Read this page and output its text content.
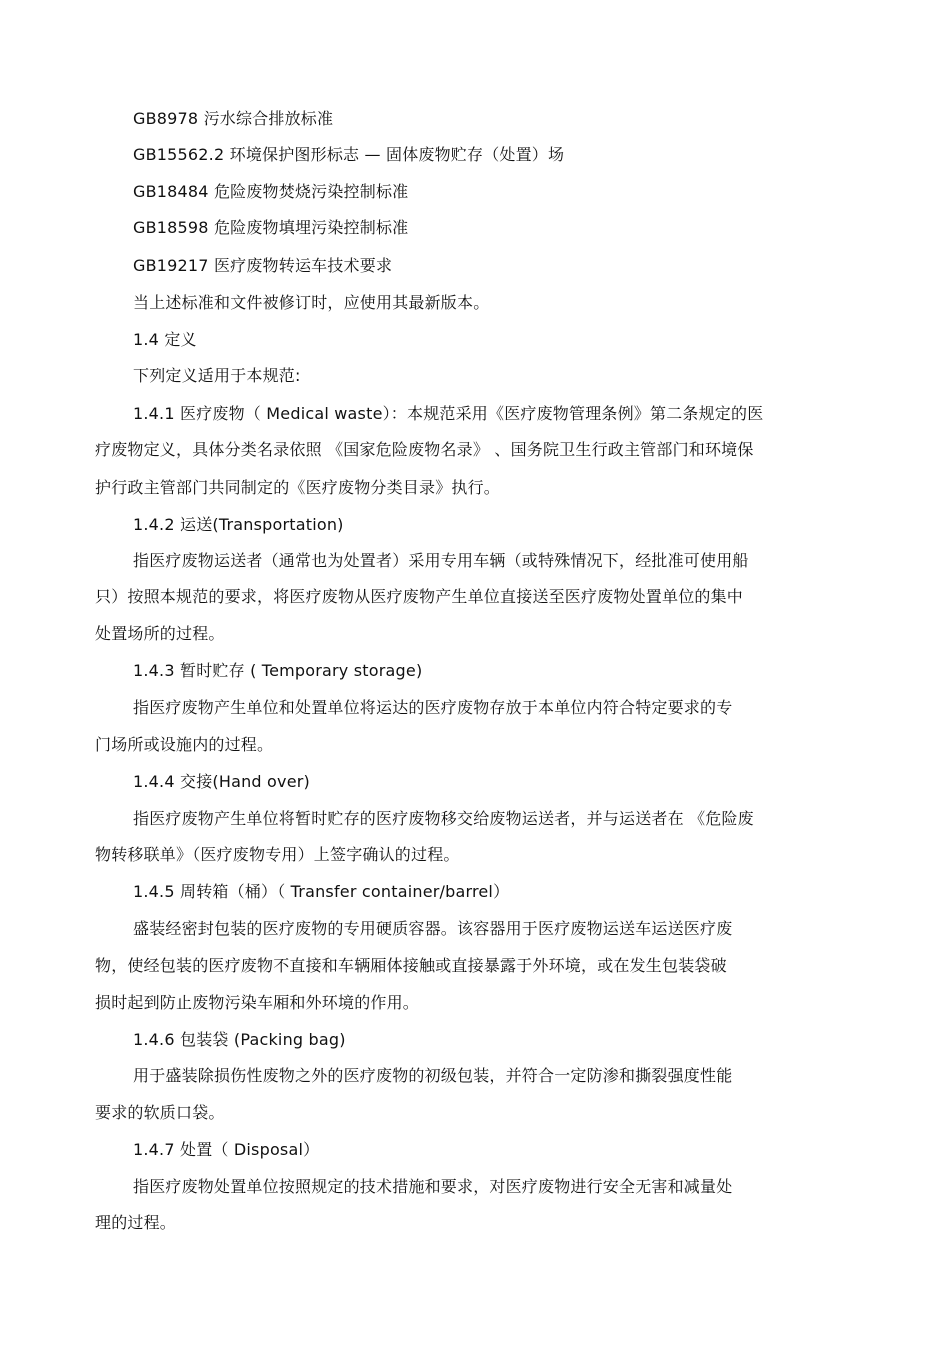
GB8978 污水综合排放标准
GB15562.2 环境保护图形标志 — 固体废物贮存（处置）场
GB18484 危险废物焚烧污染控制标准
GB18598 危险废物填埋污染控制标准
GB19217 医疗废物转运车技术要求
当上述标准和文件被修订时，应使用其最新版本。
1.4 定义
下列定义适用于本规范:
1.4.1 医疗废物（ Medical waste）：本规范采用《医疗废物管理条例》第二条规定的医
疗废物定义，具体分类名录依照 《国家危险废物名录》 、国务院卫生行政主管部门和环境保
护行政主管部门共同制定的《医疗废物分类目录》执行。
1.4.2 运送(Transportation)
指医疗废物运送者（通常也为处置者）采用专用车辆（或特殊情况下，经批准可使用船
只）按照本规范的要求，将医疗废物从医疗废物产生单位直接送至医疗废物处置单位的集中
处置场所的过程。
1.4.3 暂时贮存 ( Temporary storage)
指医疗废物产生单位和处置单位将运达的医疗废物存放于本单位内符合特定要求的专
门场所或设施内的过程。
1.4.4 交接(Hand over)
指医疗废物产生单位将暂时贮存的医疗废物移交给废物运送者，并与运送者在 《危险废
物转移联单》（医疗废物专用）上签字确认的过程。
1.4.5 周转箱（桶）（ Transfer container/barrel）
盛装经密封包装的医疗废物的专用硬质容器。该容器用于医疗废物运送车运送医疗废
物，使经包装的医疗废物不直接和车辆厢体接触或直接暴露于外环境，或在发生包装袋破
损时起到防止废物污染车厢和外环境的作用。
1.4.6 包装袋 (Packing bag)
用于盛装除损伤性废物之外的医疗废物的初级包装，并符合一定防渗和撕裂强度性能
要求的软质口袋。
1.4.7 处置（ Disposal）
指医疗废物处置单位按照规定的技术措施和要求，对医疗废物进行安全无害和减量处
理的过程。
